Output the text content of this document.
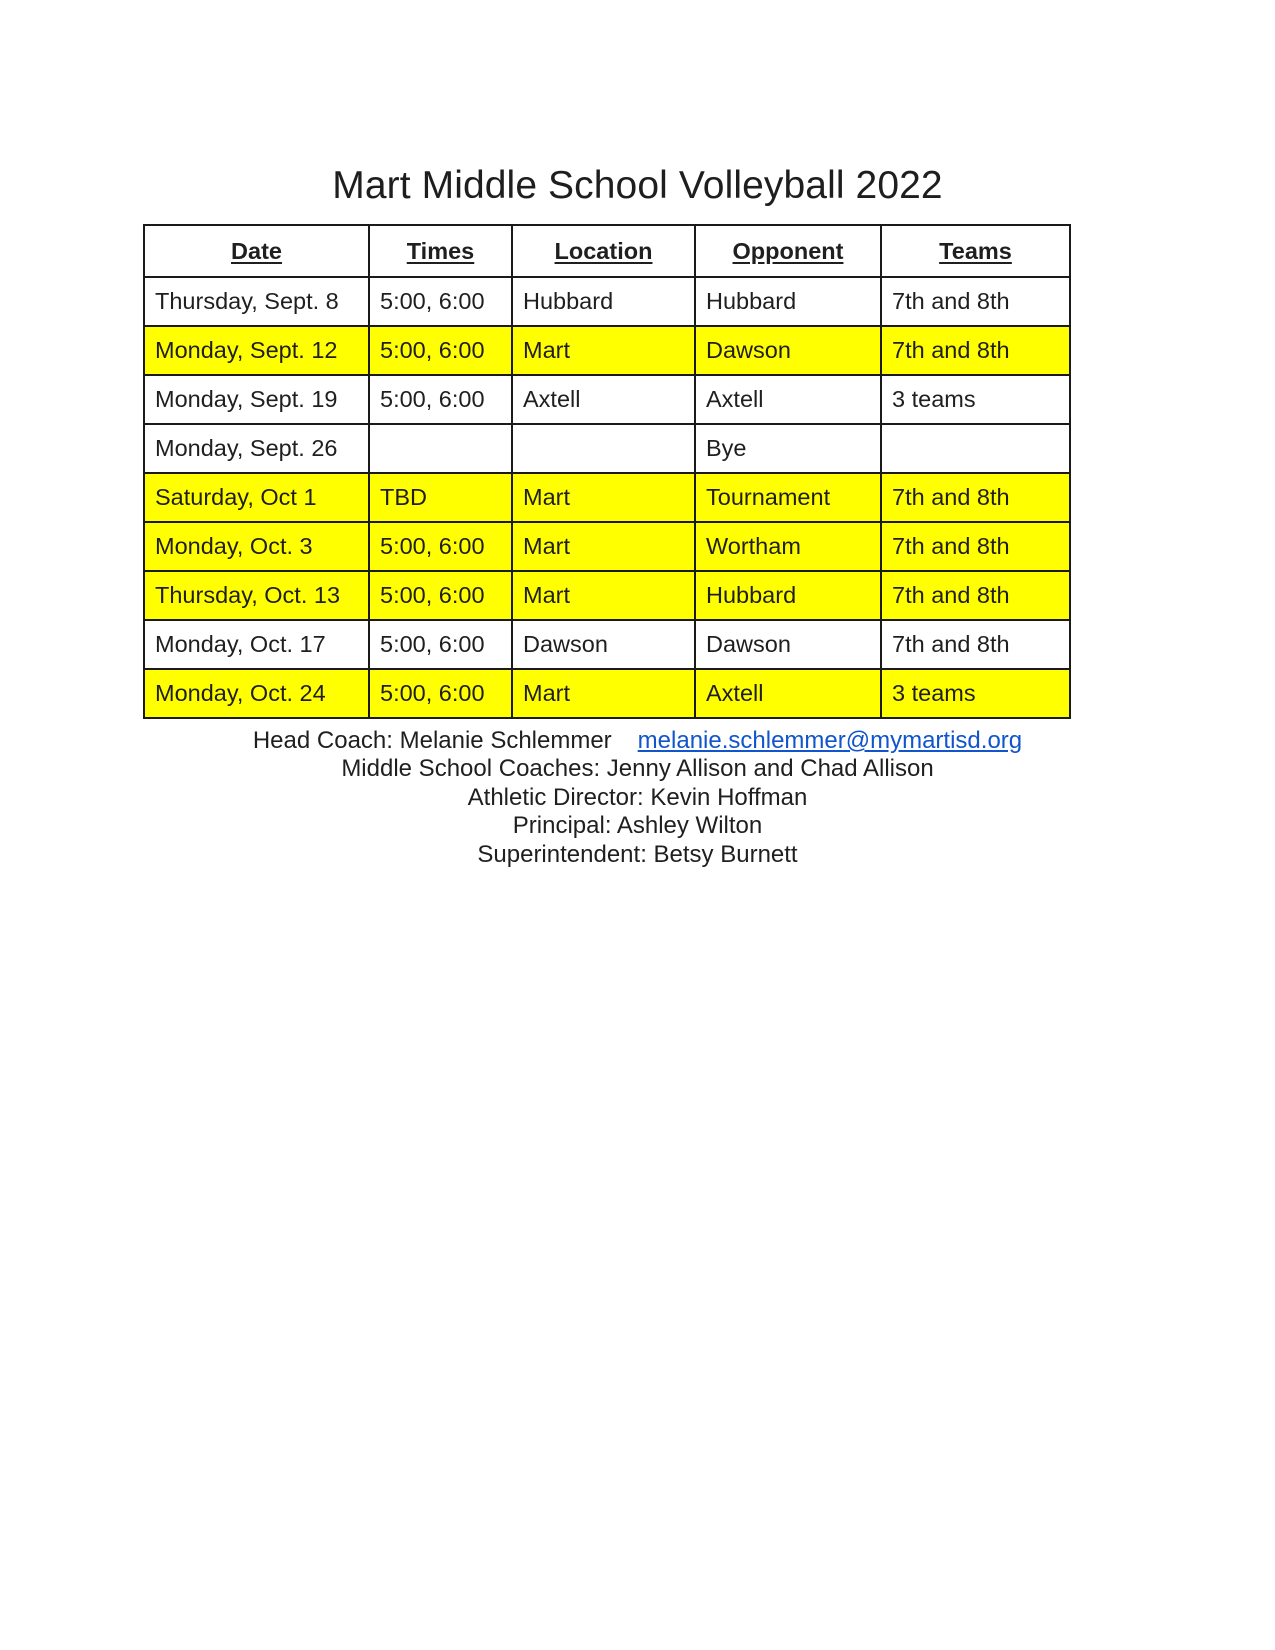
Mart Middle School Volleyball 2022
Date	Times	Location	Opponent	Teams
Thursday, Sept. 8	5:00, 6:00	Hubbard	Hubbard	7th and 8th
Monday, Sept. 12	5:00, 6:00	Mart	Dawson	7th and 8th
Monday, Sept. 19	5:00, 6:00	Axtell	Axtell	3 teams
Monday, Sept. 26			Bye	
Saturday, Oct 1	TBD	Mart	Tournament	7th and 8th
Monday, Oct. 3	5:00, 6:00	Mart	Wortham	7th and 8th
Thursday, Oct. 13	5:00, 6:00	Mart	Hubbard	7th and 8th
Monday, Oct. 17	5:00, 6:00	Dawson	Dawson	7th and 8th
Monday, Oct. 24	5:00, 6:00	Mart	Axtell	3 teams
Head Coach: Melanie Schlemmer melanie.schlemmer@mymartisd.org
Middle School Coaches: Jenny Allison and Chad Allison
Athletic Director: Kevin Hoffman
Principal: Ashley Wilton
Superintendent: Betsy Burnett
